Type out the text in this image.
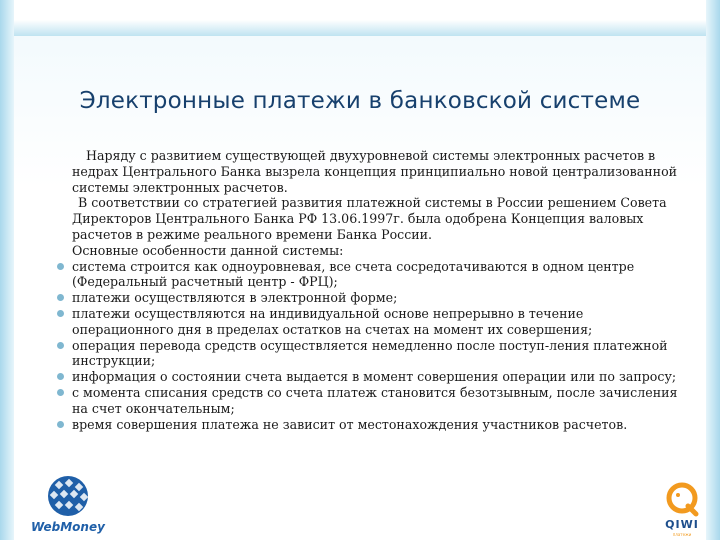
Электронные платежи в банковской системе

Наряду с развитием существующей двухуровневой системы электронных расчетов в недрах Центрального Банка вызрела концепция принципиально новой централизованной системы электронных расчетов.

В соответствии со стратегией развития платежной системы в России решением Совета Директоров Центрального Банка РФ 13.06.1997г. была одобрена Концепция валовых расчетов в режиме реального времени Банка России.

Основные особенности данной системы:

система строится как одноуровневая, все счета сосредотачиваются в одном центре (Федеральный расчетный центр - ФРЦ);
платежи осуществляются в электронной форме;
платежи осуществляются на индивидуальной основе непрерывно в течение операционного дня в пределах остатков на счетах на момент их совершения;
операция перевода средств осуществляется немедленно после поступ-ления платежной инструкции;
информация о состоянии счета выдается в момент совершения операции или по запросу;
с момента списания средств со счета платеж становится безотзывным, после зачисления на счет окончательным;
время совершения платежа не зависит от местонахождения участников расчетов.
WebMoney	QIWI
платежи
